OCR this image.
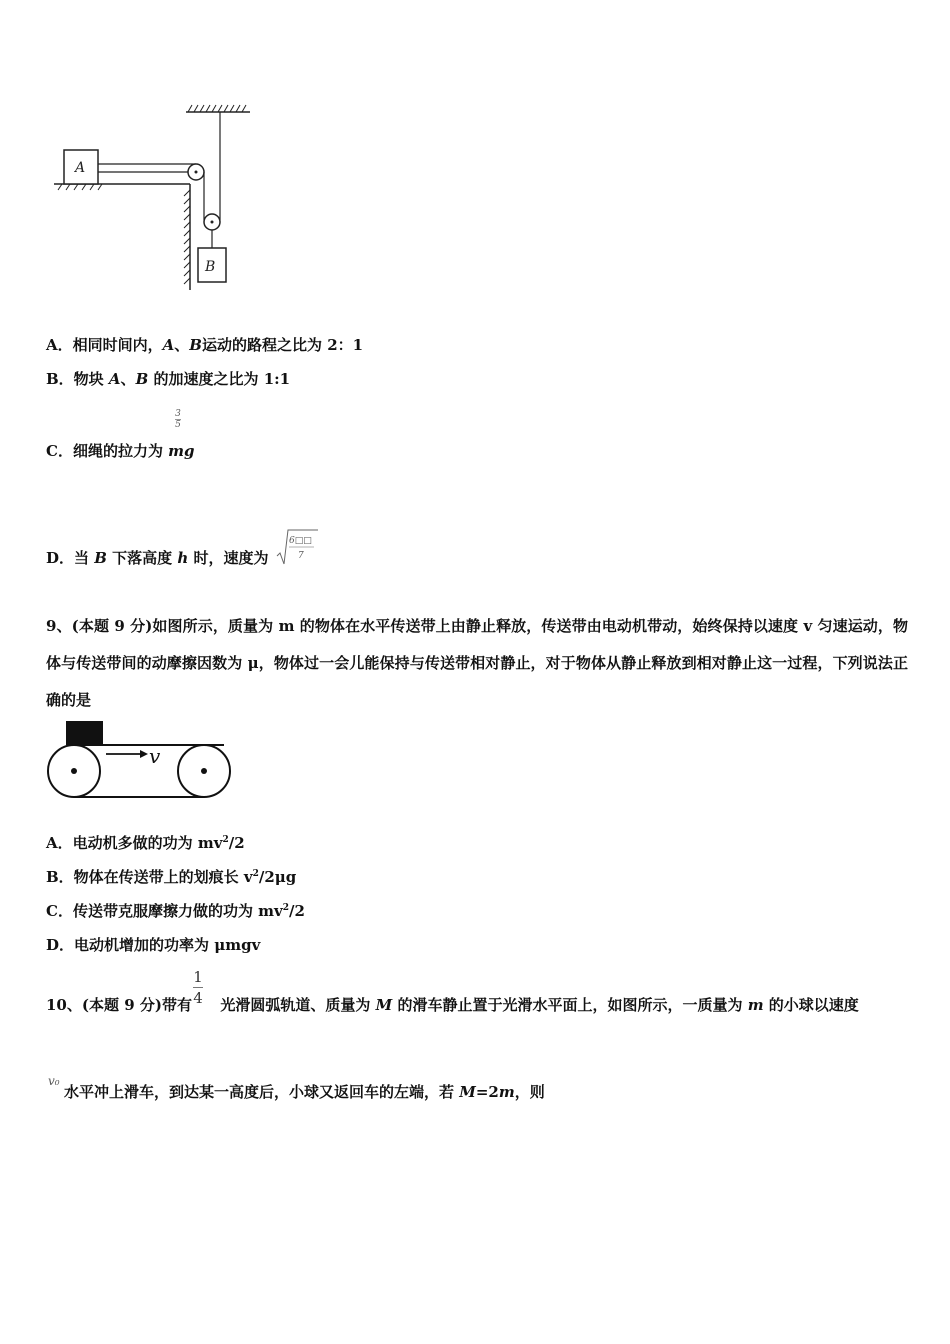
A
B
A．相同时间内，A、B运动的路程之比为 2：1
B．物块 A、B 的加速度之比为 1:1
3
5
C．细绳的拉力为 mg
D．当 B 下落高度 h 时，速度为
6□□
7
9、(本题 9 分)如图所示，质量为 m 的物体在水平传送带上由静止释放，传送带由电动机带动，始终保持以速度 v 匀速运动，物体与传送带间的动摩擦因数为 μ，物体过一会儿能保持与传送带相对静止，对于物体从静止释放到相对静止这一过程，下列说法正确的是
v
A．电动机多做的功为 $mv^2/2$
B．物体在传送带上的划痕长 $v^2/2\mu g$
C．传送带克服摩擦力做的功为 $mv^2/2$
D．电动机增加的功率为 μmgv
1
4
10、(本题 9 分)带有  光滑圆弧轨道、质量为 M 的滑车静止置于光滑水平面上，如图所示，一质量为 m 的小球以速度
v₀
水平冲上滑车，到达某一高度后，小球又返回车的左端，若 M=2m，则
